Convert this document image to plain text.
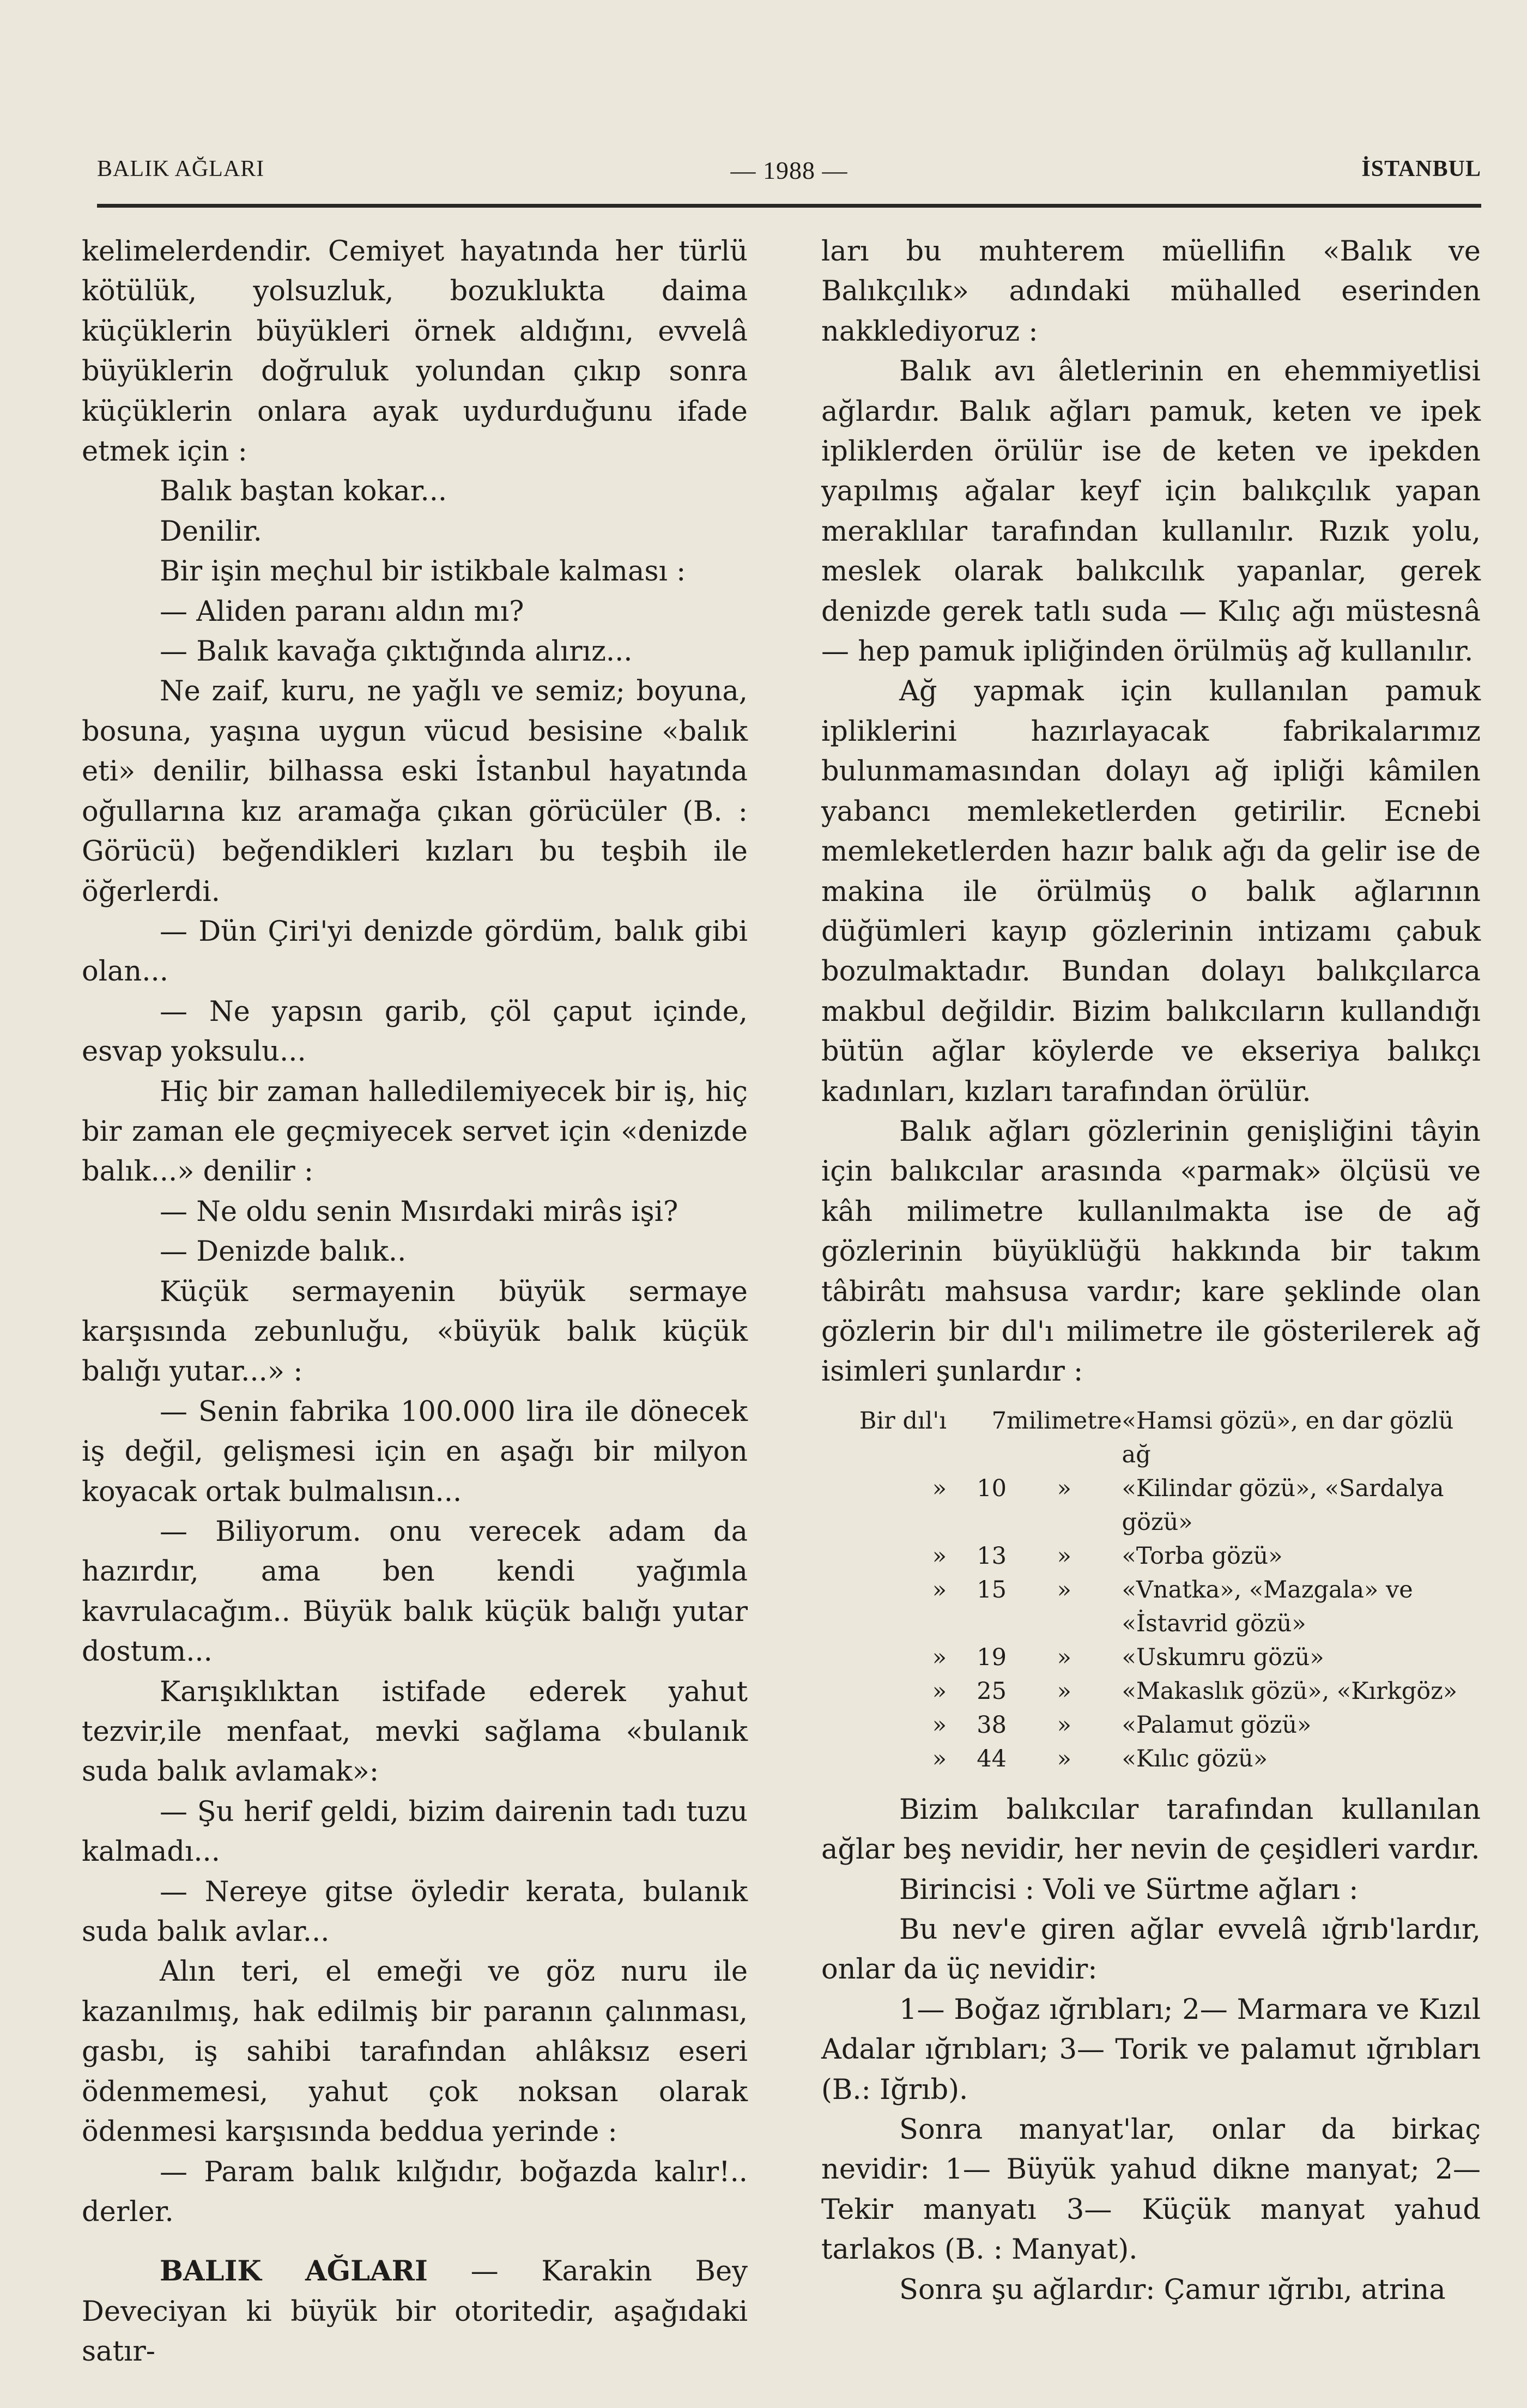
BALIK AĞLARI	— 1988 —	İSTANBUL

kelimelerdendir. Cemiyet hayatında her türlü kötülük, yolsuzluk, bozuklukta daima küçüklerin büyükleri örnek aldığını, evvelâ büyüklerin doğruluk yolundan çıkıp sonra küçüklerin onlara ayak uydurduğunu ifade etmek için :

Balık baştan kokar...

Denilir.

Bir işin meçhul bir istikbale kalması :

— Aliden paranı aldın mı?

— Balık kavağa çıktığında alırız...

Ne zaif, kuru, ne yağlı ve semiz; boyuna, bosuna, yaşına uygun vücud besisine «balık eti» denilir, bilhassa eski İstanbul hayatında oğullarına kız aramağa çıkan görücüler (B. : Görücü) beğendikleri kızları bu teşbih ile öğerlerdi.

— Dün Çiri'yi denizde gördüm, balık gibi olan...

— Ne yapsın garib, çöl çaput içinde, esvap yoksulu...

Hiç bir zaman halledilemiyecek bir iş, hiç bir zaman ele geçmiyecek servet için «denizde balık...» denilir :

— Ne oldu senin Mısırdaki mirâs işi?

— Denizde balık..

Küçük sermayenin büyük sermaye karşısında zebunluğu, «büyük balık küçük balığı yutar...» :

— Senin fabrika 100.000 lira ile dönecek iş değil, gelişmesi için en aşağı bir milyon koyacak ortak bulmalısın...

— Biliyorum. onu verecek adam da hazırdır, ama ben kendi yağımla kavrulacağım.. Büyük balık küçük balığı yutar dostum...

Karışıklıktan istifade ederek yahut tezvir,ile menfaat, mevki sağlama «bulanık suda balık avlamak»:

— Şu herif geldi, bizim dairenin tadı tuzu kalmadı...

— Nereye gitse öyledir kerata, bulanık suda balık avlar...

Alın teri, el emeği ve göz nuru ile kazanılmış, hak edilmiş bir paranın çalınması, gasbı, iş sahibi tarafından ahlâksız eseri ödenmemesi, yahut çok noksan olarak ödenmesi karşısında beddua yerinde :

— Param balık kılğıdır, boğazda kalır!.. derler.

BALIK AĞLARI — Karakin Bey Deveciyan ki büyük bir otoritedir, aşağıdaki satır-

ları bu muhterem müellifin «Balık ve Balıkçılık» adındaki mühalled eserinden nakklediyoruz :

Balık avı âletlerinin en ehemmiyetlisi ağlardır. Balık ağları pamuk, keten ve ipek ipliklerden örülür ise de keten ve ipekden yapılmış ağalar keyf için balıkçılık yapan meraklılar tarafından kullanılır. Rızık yolu, meslek olarak balıkcılık yapanlar, gerek denizde gerek tatlı suda — Kılıç ağı müstesnâ — hep pamuk ipliğinden örülmüş ağ kullanılır.

Ağ yapmak için kullanılan pamuk ipliklerini hazırlayacak fabrikalarımız bulunmamasından dolayı ağ ipliği kâmilen yabancı memleketlerden getirilir. Ecnebi memleketlerden hazır balık ağı da gelir ise de makina ile örülmüş o balık ağlarının düğümleri kayıp gözlerinin intizamı çabuk bozulmaktadır. Bundan dolayı balıkçılarca makbul değildir. Bizim balıkcıların kullandığı bütün ağlar köylerde ve ekseriya balıkçı kadınları, kızları tarafından örülür.

Balık ağları gözlerinin genişliğini tâyin için balıkcılar arasında «parmak» ölçüsü ve kâh milimetre kullanılmakta ise de ağ gözlerinin büyüklüğü hakkında bir takım tâbirâtı mahsusa vardır; kare şeklinde olan gözlerin bir dıl'ı milimetre ile gösterilerek ağ isimleri şunlardır :

Bir dıl'ı	7	milimetre	«Hamsi gözü», en dar gözlü ağ
»	10	»	«Kilindar gözü», «Sardalya gözü»
»	13	»	«Torba gözü»
»	15	»	«Vnatka», «Mazgala» ve «İstavrid gözü»
»	19	»	«Uskumru gözü»
»	25	»	«Makaslık gözü», «Kırkgöz»
»	38	»	«Palamut gözü»
»	44	»	«Kılıc gözü»

Bizim balıkcılar tarafından kullanılan ağlar beş nevidir, her nevin de çeşidleri vardır.

Birincisi : Voli ve Sürtme ağları :

Bu nev'e giren ağlar evvelâ ığrıb'lardır, onlar da üç nevidir:

1— Boğaz ığrıbları; 2— Marmara ve Kızıl Adalar ığrıbları; 3— Torik ve palamut ığrıbları (B.: Iğrıb).

Sonra manyat'lar, onlar da birkaç nevidir: 1— Büyük yahud dikne manyat; 2— Tekir manyatı 3— Küçük manyat yahud tarlakos (B. : Manyat).

Sonra şu ağlardır: Çamur ığrıbı, atrina
